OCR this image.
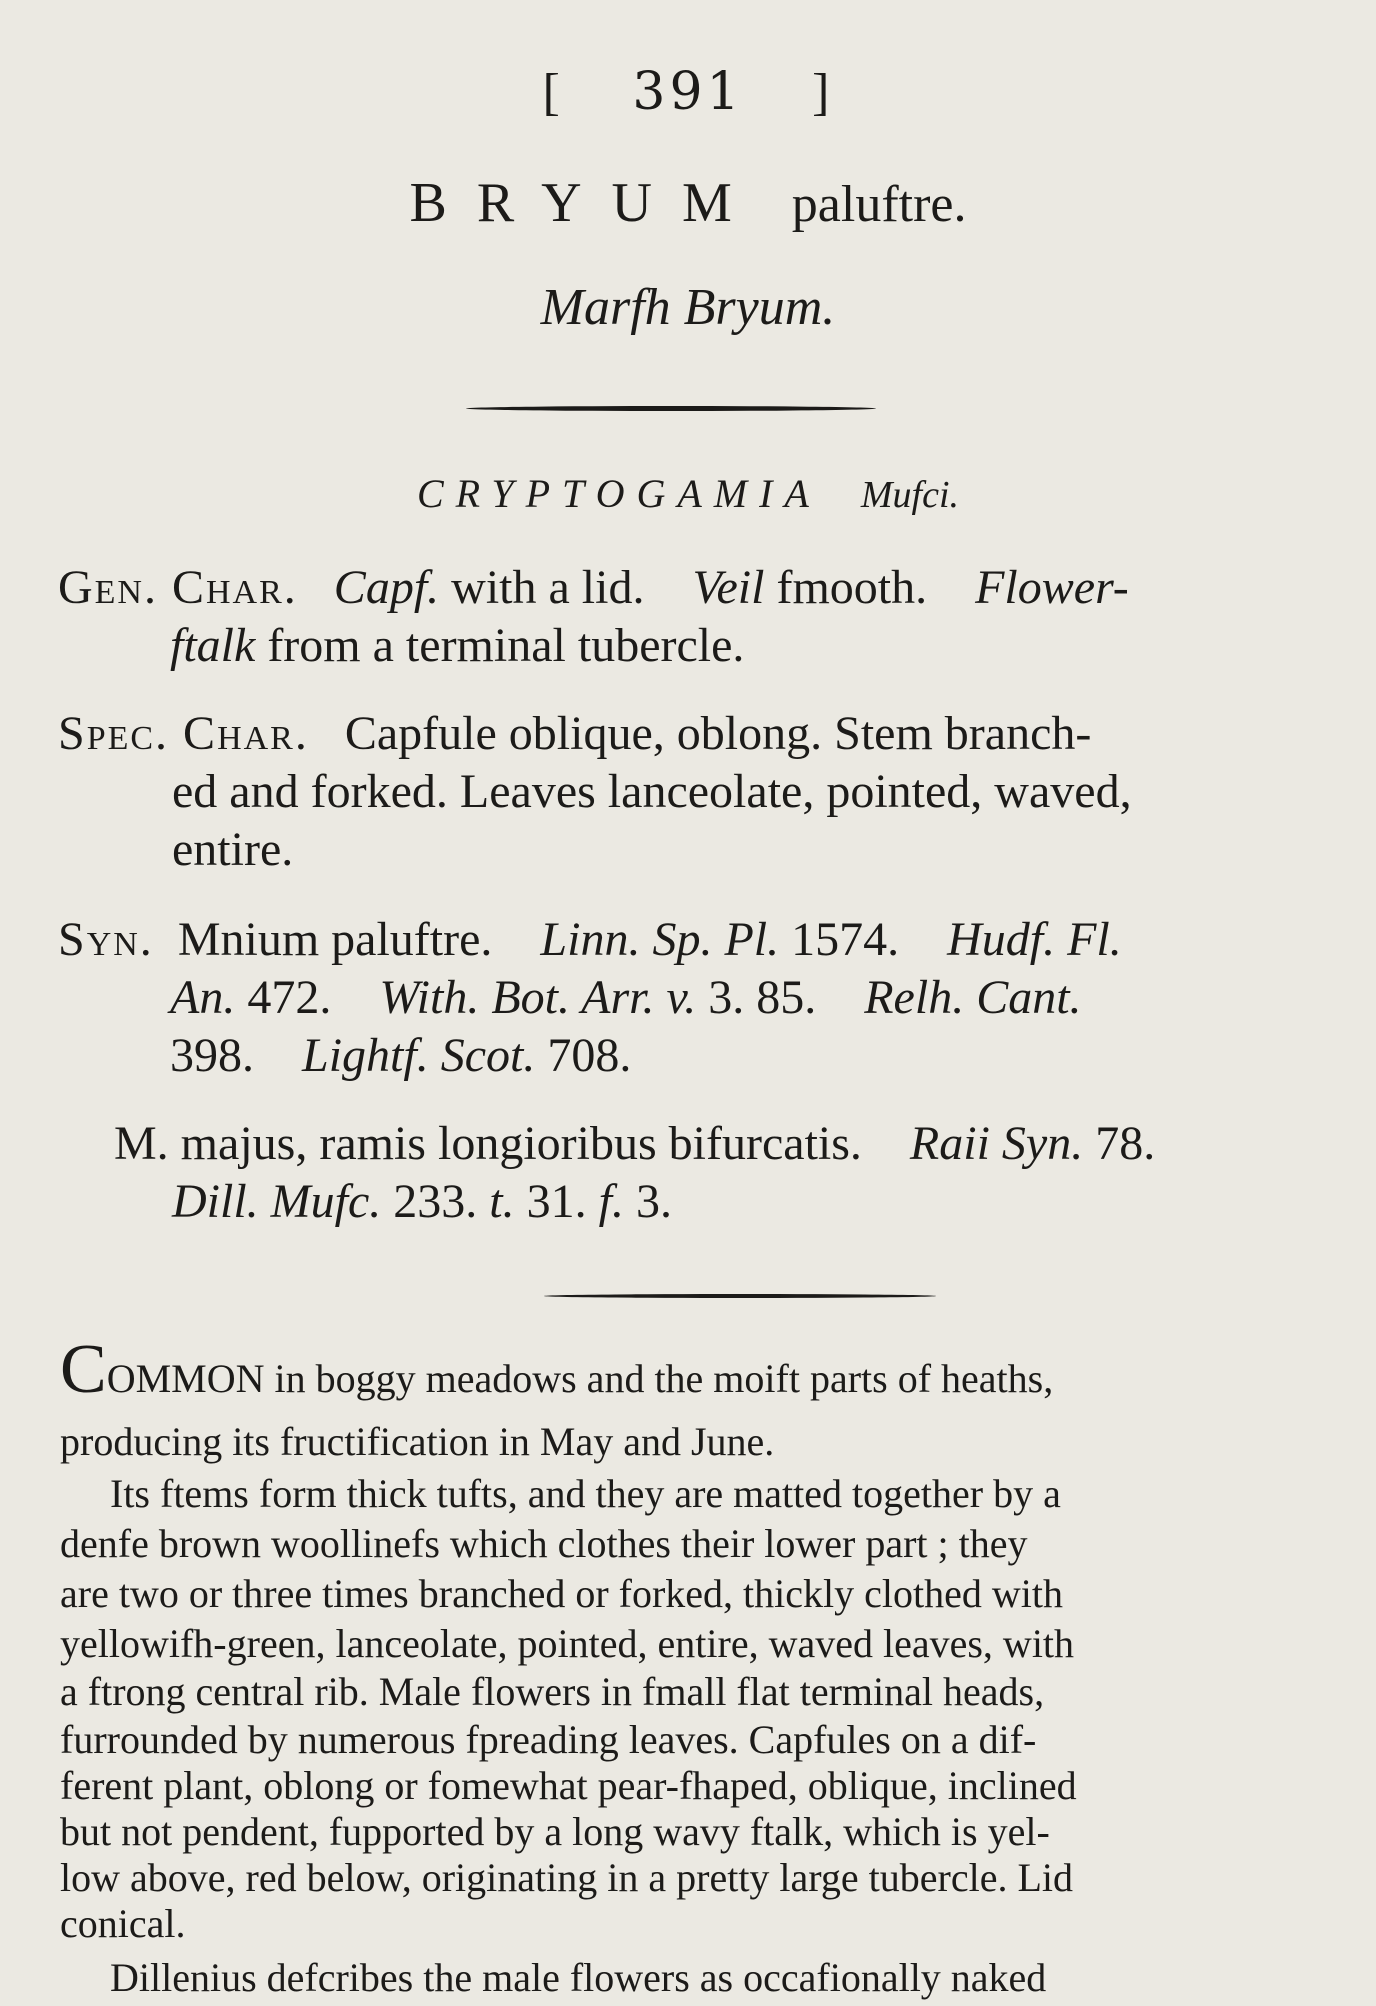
[ 391 ]
BRYUM paluftre.
Marfh Bryum.
CRYPTOGAMIA Mufci.
Gen. Char. Capf. with a lid. Veil fmooth. Flower-
ftalk from a terminal tubercle.
Spec. Char. Capfule oblique, oblong. Stem branch-
ed and forked. Leaves lanceolate, pointed, waved,
entire.
Syn. Mnium paluftre. Linn. Sp. Pl. 1574. Hudf. Fl.
An. 472. With. Bot. Arr. v. 3. 85. Relh. Cant.
398. Lightf. Scot. 708.
M. majus, ramis longioribus bifurcatis. Raii Syn. 78.
Dill. Mufc. 233. t. 31. f. 3.
COMMON in boggy meadows and the moift parts of heaths,
producing its fructification in May and June.
Its ftems form thick tufts, and they are matted together by a
denfe brown woollinefs which clothes their lower part ; they
are two or three times branched or forked, thickly clothed with
yellowifh-green, lanceolate, pointed, entire, waved leaves, with
a ftrong central rib. Male flowers in fmall flat terminal heads,
furrounded by numerous fpreading leaves. Capfules on a dif-
ferent plant, oblong or fomewhat pear-fhaped, oblique, inclined
but not pendent, fupported by a long wavy ftalk, which is yel-
low above, red below, originating in a pretty large tubercle. Lid
conical.
Dillenius defcribes the male flowers as occafionally naked
